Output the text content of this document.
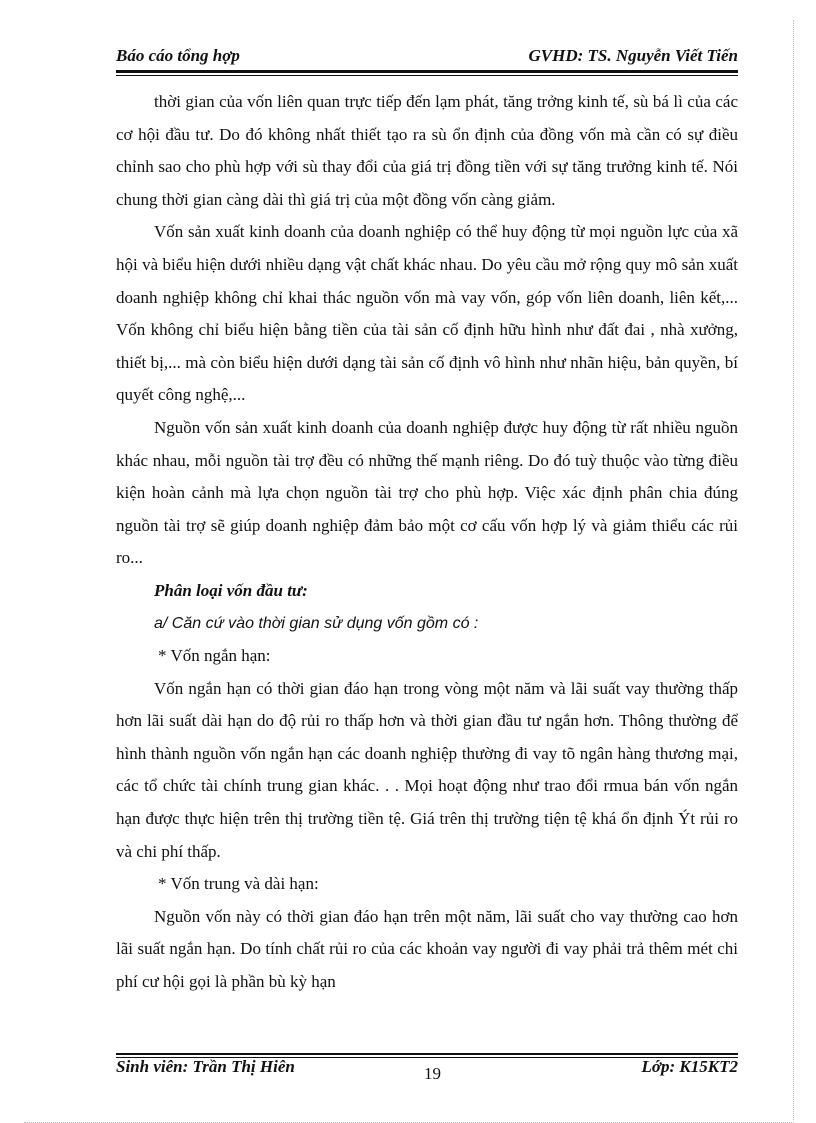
Báo cáo tổng hợp	GVHD: TS. Nguyễn Viết Tiến

thời gian của vốn liên quan trực tiếp đến lạm phát, tăng trởng kinh tế, sù bá lì của các cơ hội đầu tư. Do đó không nhất thiết tạo ra sù ổn định của đồng vốn mà cần có sự điều chỉnh sao cho phù hợp với sù thay đổi của giá trị đồng tiền với sự tăng trưởng kinh tế. Nói chung thời gian càng dài thì giá trị của một đồng vốn càng giảm.

Vốn sản xuất kinh doanh của doanh nghiệp có thể huy động từ mọi nguồn lực của xã hội và biểu hiện dưới nhiều dạng vật chất khác nhau. Do yêu cầu mở rộng quy mô sản xuất doanh nghiệp không chỉ khai thác nguồn vốn mà vay vốn, góp vốn liên doanh, liên kết,... Vốn không chỉ biểu hiện bằng tiền của tài sản cố định hữu hình như đất đai , nhà xưởng, thiết bị,... mà còn biểu hiện dưới dạng tài sản cố định vô hình như nhãn hiệu, bản quyền, bí quyết công nghệ,...

Nguồn vốn sản xuất kinh doanh của doanh nghiệp được huy động từ rất nhiều nguồn khác nhau, mỗi nguồn tài trợ đều có những thế mạnh riêng. Do đó tuỳ thuộc vào từng điều kiện hoàn cảnh mà lựa chọn nguồn tài trợ cho phù hợp. Việc xác định phân chia đúng nguồn tài trợ sẽ giúp doanh nghiệp đảm bảo một cơ cấu vốn hợp lý và giảm thiểu các rủi ro...

Phân loại vốn đầu tư:

a/ Căn cứ vào thời gian sử dụng vốn gồm có :

* Vốn ngắn hạn:

Vốn ngắn hạn có thời gian đáo hạn trong vòng một năm và lãi suất vay thường thấp hơn lãi suất dài hạn do độ rủi ro thấp hơn và thời gian đầu tư ngắn hơn. Thông thường để hình thành nguồn vốn ngắn hạn các doanh nghiệp thường đi vay tõ ngân hàng thương mại, các tổ chức tài chính trung gian khác. . . Mọi hoạt động như trao đổi rmua bán vốn ngắn hạn được thực hiện trên thị trường tiền tệ. Giá trên thị trường tiện tệ khá ổn định Ýt rủi ro và chi phí thấp.

* Vốn trung và dài hạn:

Nguồn vốn này có thời gian đáo hạn trên một năm, lãi suất cho vay thường cao hơn lãi suất ngắn hạn. Do tính chất rủi ro của các khoản vay người đi vay phải trả thêm mét chi phí cư hội gọi là phần bù kỳ hạn

Sinh viên: Trần Thị Hiên	19	Lớp: K15KT2
